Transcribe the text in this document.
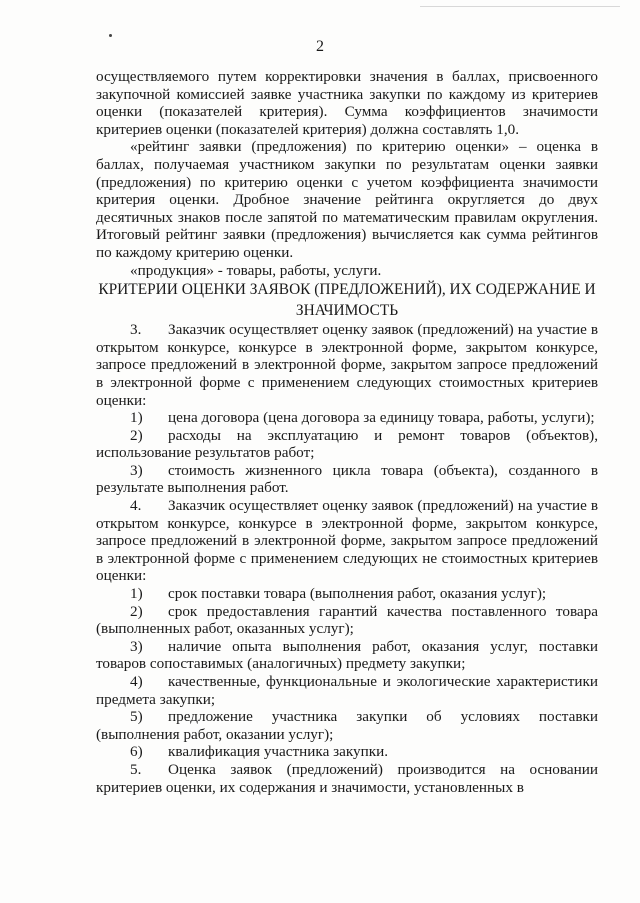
2

осуществляемого путем корректировки значения в баллах, присвоенного закупочной комиссией заявке участника закупки по каждому из критериев оценки (показателей критерия). Сумма коэффициентов значимости критериев оценки (показателей критерия) должна составлять 1,0.

«рейтинг заявки (предложения) по критерию оценки» – оценка в баллах, получаемая участником закупки по результатам оценки заявки (предложения) по критерию оценки с учетом коэффициента значимости критерия оценки. Дробное значение рейтинга округляется до двух десятичных знаков после запятой по математическим правилам округления. Итоговый рейтинг заявки (предложения) вычисляется как сумма рейтингов по каждому критерию оценки.

«продукция» - товары, работы, услуги.

КРИТЕРИИ ОЦЕНКИ ЗАЯВОК (ПРЕДЛОЖЕНИЙ), ИХ СОДЕРЖАНИЕ И ЗНАЧИМОСТЬ

3. Заказчик осуществляет оценку заявок (предложений) на участие в открытом конкурсе, конкурсе в электронной форме, закрытом конкурсе, запросе предложений в электронной форме, закрытом запросе предложений в электронной форме с применением следующих стоимостных критериев оценки:

1) цена договора (цена договора за единицу товара, работы, услуги);

2) расходы на эксплуатацию и ремонт товаров (объектов), использование результатов работ;

3) стоимость жизненного цикла товара (объекта), созданного в результате выполнения работ.

4. Заказчик осуществляет оценку заявок (предложений) на участие в открытом конкурсе, конкурсе в электронной форме, закрытом конкурсе, запросе предложений в электронной форме, закрытом запросе предложений в электронной форме с применением следующих не стоимостных критериев оценки:

1) срок поставки товара (выполнения работ, оказания услуг);

2) срок предоставления гарантий качества поставленного товара (выполненных работ, оказанных услуг);

3) наличие опыта выполнения работ, оказания услуг, поставки товаров сопоставимых (аналогичных) предмету закупки;

4) качественные, функциональные и экологические характеристики предмета закупки;

5) предложение участника закупки об условиях поставки (выполнения работ, оказании услуг);

6) квалификация участника закупки.

5. Оценка заявок (предложений) производится на основании критериев оценки, их содержания и значимости, установленных в
